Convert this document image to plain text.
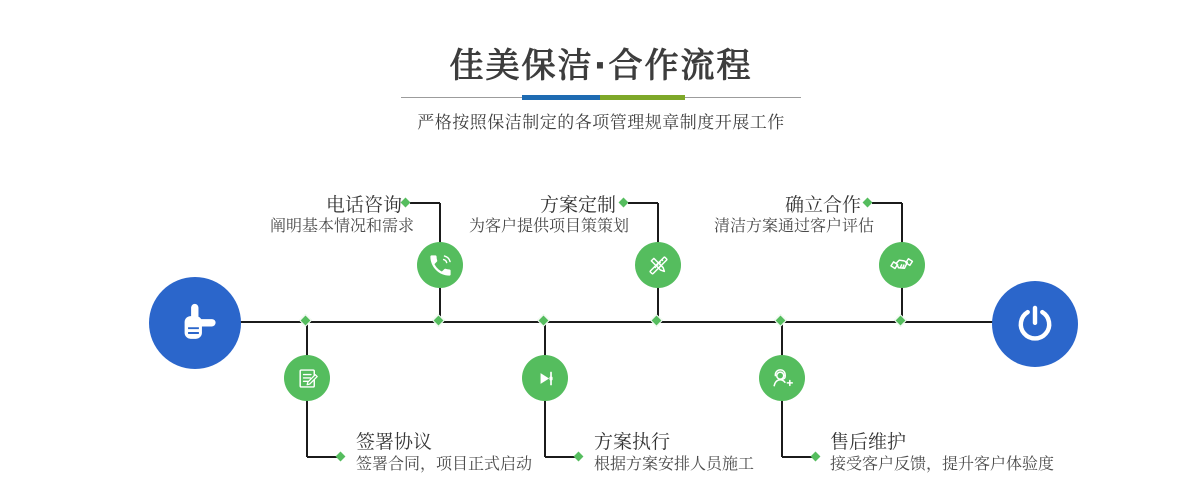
佳美保洁·合作流程
严格按照保洁制定的各项管理规章制度开展工作
电话咨询
阐明基本情况和需求
方案定制
为客户提供项目策策划
确立合作
清洁方案通过客户评估
签署协议
签署合同，项目正式启动
方案执行
根据方案安排人员施工
售后维护
接受客户反馈，提升客户体验度
